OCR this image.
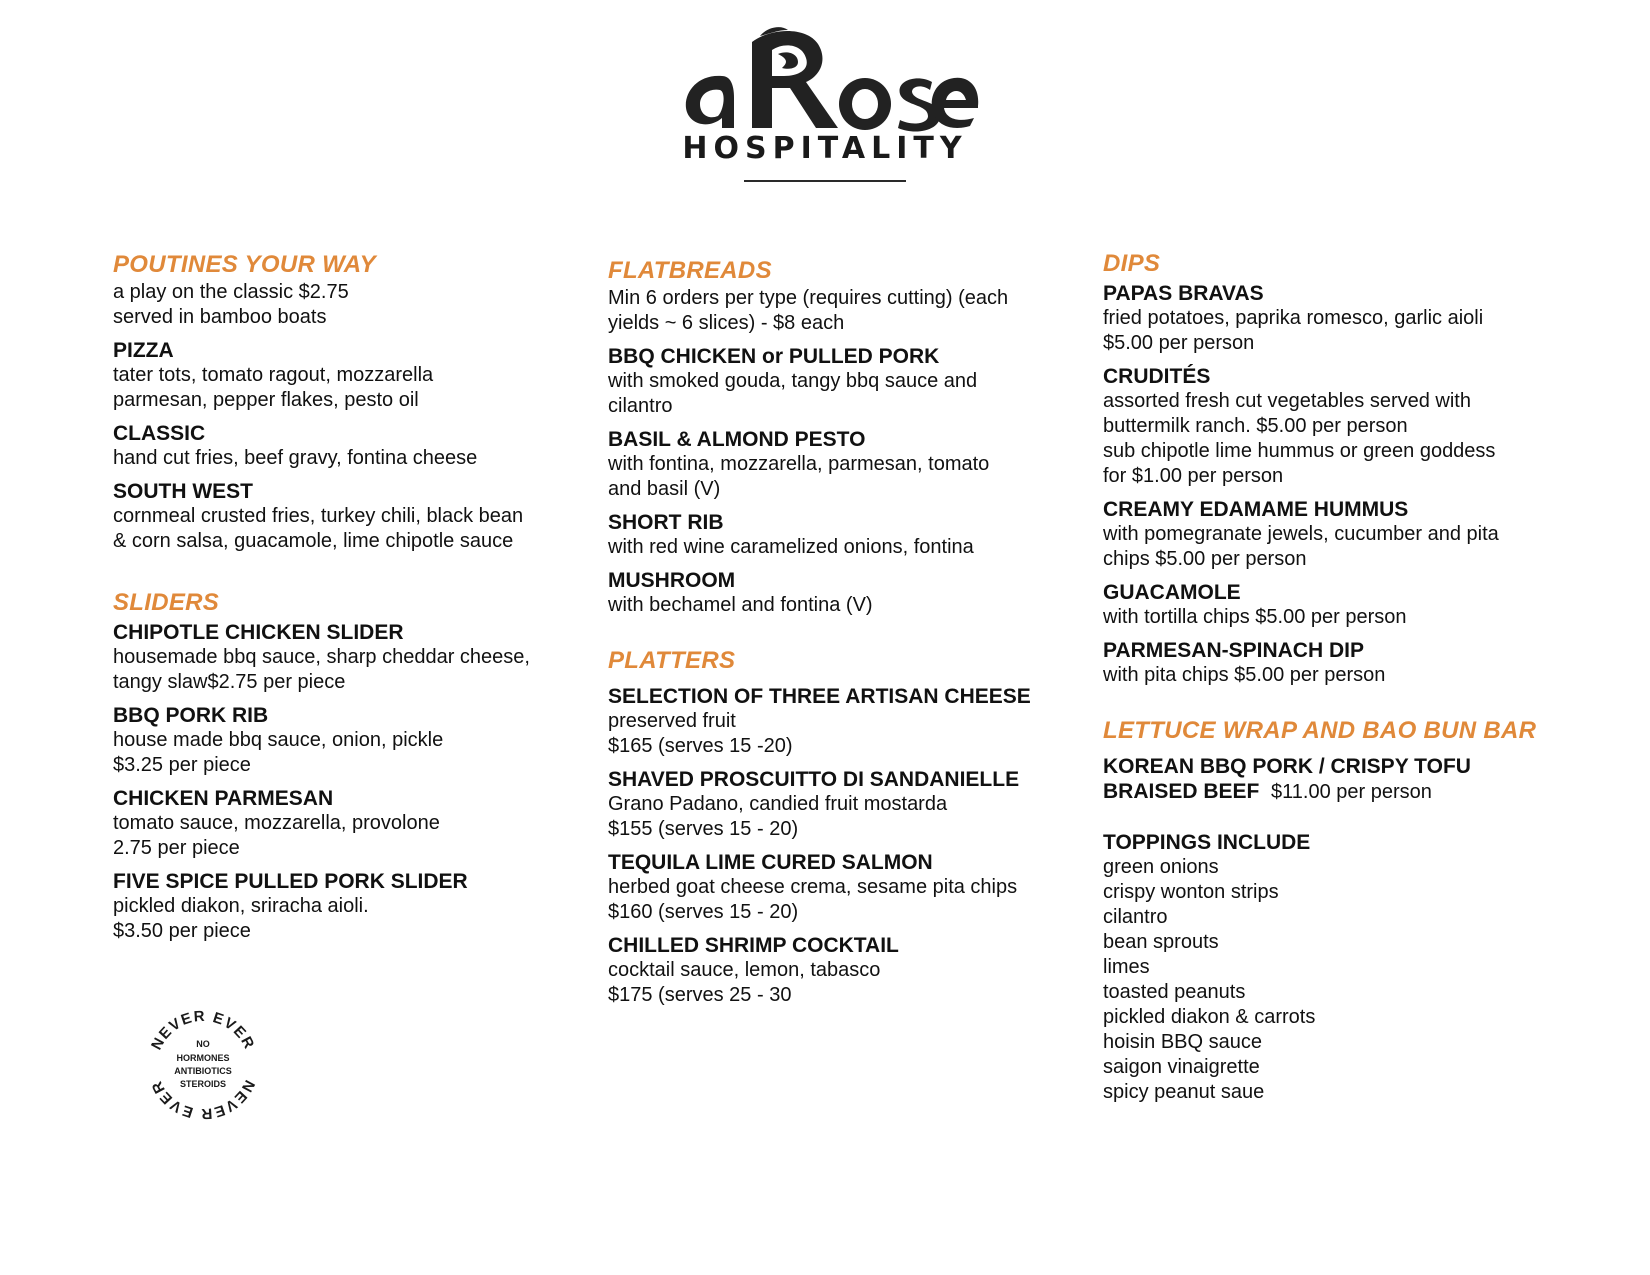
HOSPITALITY
POUTINES YOUR WAY
a play on the classic $2.75
served in bamboo boats
PIZZA
tater tots, tomato ragout, mozzarella
parmesan, pepper flakes, pesto oil
CLASSIC
hand cut fries, beef gravy, fontina cheese
SOUTH WEST
cornmeal crusted fries, turkey chili, black bean
& corn salsa, guacamole, lime chipotle sauce
SLIDERS
CHIPOTLE CHICKEN SLIDER
housemade bbq sauce, sharp cheddar cheese,
tangy slaw$2.75 per piece
BBQ PORK RIB
house made bbq sauce, onion, pickle
$3.25 per piece
CHICKEN PARMESAN
tomato sauce, mozzarella, provolone
2.75 per piece
FIVE SPICE PULLED PORK SLIDER
pickled diakon, sriracha aioli.
$3.50 per piece
FLATBREADS
Min 6 orders per type (requires cutting) (each
yields ~ 6 slices) - $8 each
BBQ CHICKEN or PULLED PORK
with smoked gouda, tangy bbq sauce and
cilantro
BASIL & ALMOND PESTO
with fontina, mozzarella, parmesan, tomato
and basil (V)
SHORT RIB
with red wine caramelized onions, fontina
MUSHROOM
with bechamel and fontina (V)
PLATTERS
SELECTION OF THREE ARTISAN CHEESE
preserved fruit
$165 (serves 15 -20)
SHAVED PROSCUITTO DI SANDANIELLE
Grano Padano, candied fruit mostarda
$155 (serves 15 - 20)
TEQUILA LIME CURED SALMON
herbed goat cheese crema, sesame pita chips
$160 (serves 15 - 20)
CHILLED SHRIMP COCKTAIL
cocktail sauce, lemon, tabasco
$175 (serves 25 - 30
DIPS
PAPAS BRAVAS
fried potatoes, paprika romesco, garlic aioli
$5.00 per person
CRUDITÉS
assorted fresh cut vegetables served with
buttermilk ranch. $5.00 per person
sub chipotle lime hummus or green goddess
for $1.00 per person
CREAMY EDAMAME HUMMUS
with pomegranate jewels, cucumber and pita
chips $5.00 per person
GUACAMOLE
with tortilla chips $5.00 per person
PARMESAN-SPINACH DIP
with pita chips $5.00 per person
LETTUCE WRAP AND BAO BUN BAR
KOREAN BBQ PORK / CRISPY TOFU
BRAISED BEEF $11.00 per person
TOPPINGS INCLUDE
green onions
crispy wonton strips
cilantro
bean sprouts
limes
toasted peanuts
pickled diakon & carrots
hoisin BBQ sauce
saigon vinaigrette
spicy peanut saue
NEVER EVER
NEVER EVER
NO
HORMONES
ANTIBIOTICS
STEROIDS
